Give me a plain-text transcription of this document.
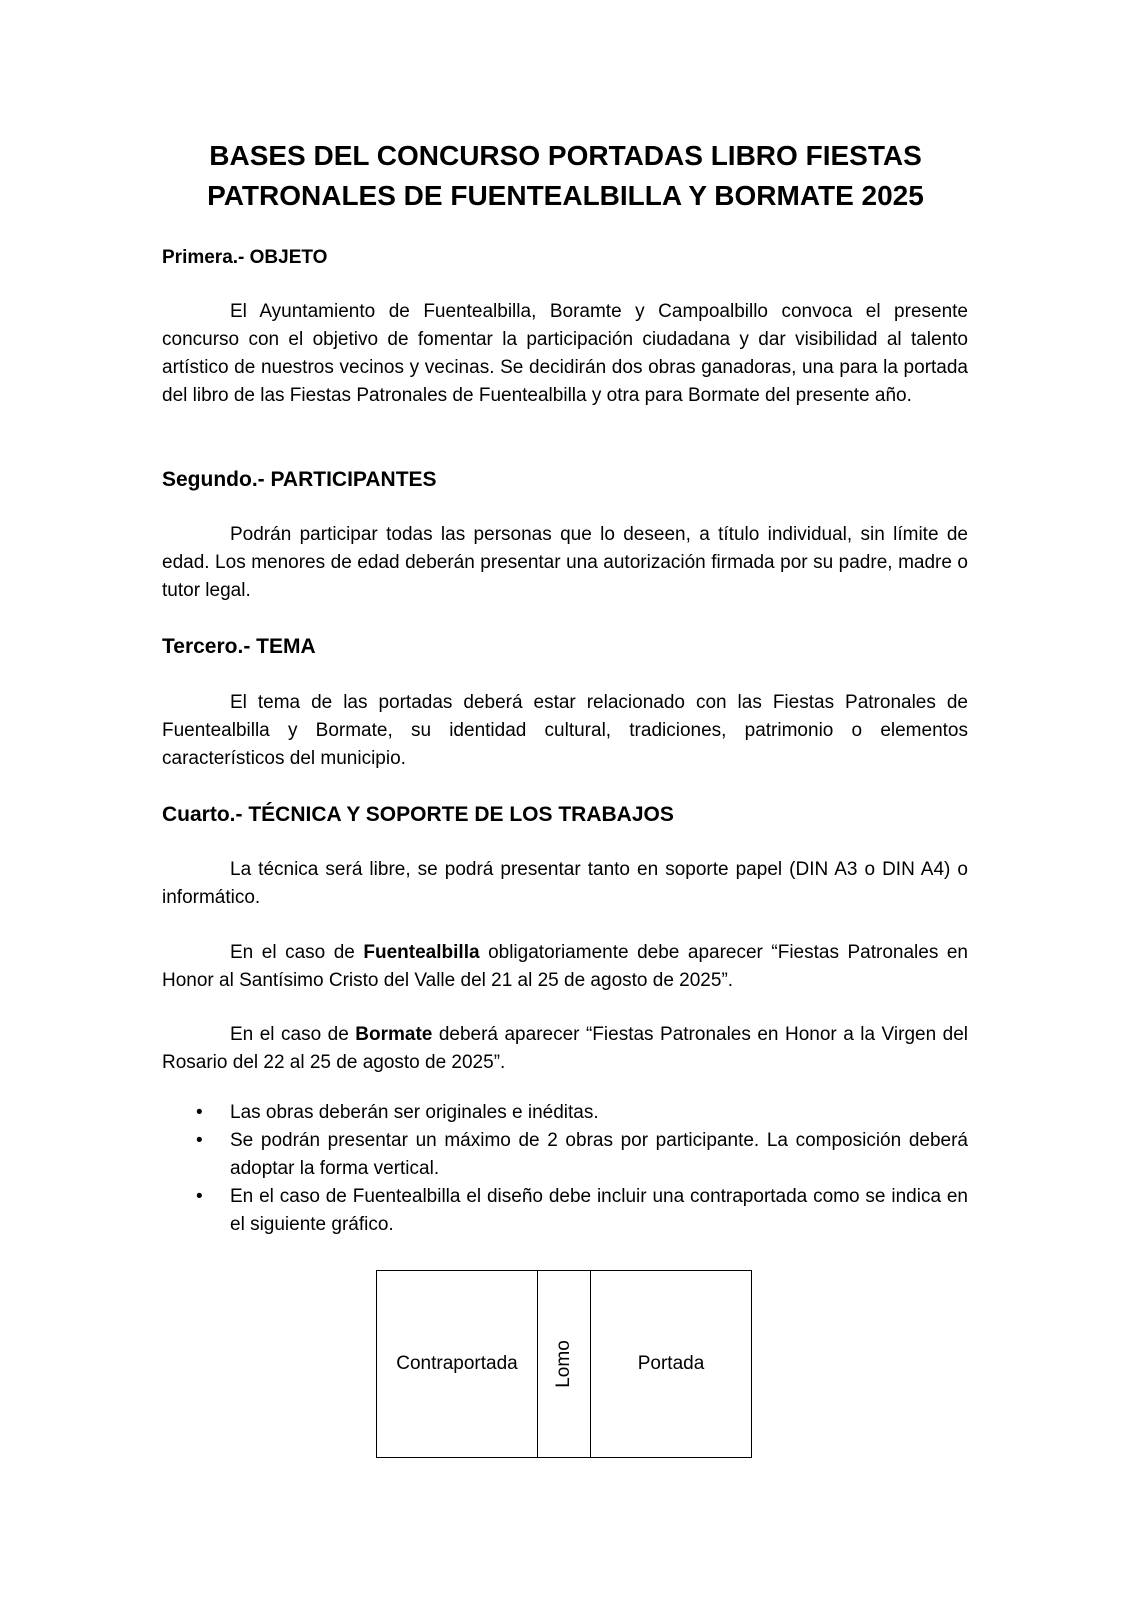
BASES DEL CONCURSO PORTADAS LIBRO FIESTAS
PATRONALES DE FUENTEALBILLA Y BORMATE 2025
Primera.- OBJETO

El Ayuntamiento de Fuentealbilla, Boramte y Campoalbillo convoca el presente concurso con el objetivo de fomentar la participación ciudadana y dar visibilidad al talento artístico de nuestros vecinos y vecinas. Se decidirán dos obras ganadoras, una para la portada del libro de las Fiestas Patronales de Fuentealbilla y otra para Bormate del presente año.

Segundo.- PARTICIPANTES

Podrán participar todas las personas que lo deseen, a título individual, sin límite de edad. Los menores de edad deberán presentar una autorización firmada por su padre, madre o tutor legal.

Tercero.- TEMA

El tema de las portadas deberá estar relacionado con las Fiestas Patronales de Fuentealbilla y Bormate, su identidad cultural, tradiciones, patrimonio o elementos característicos del municipio.

Cuarto.- TÉCNICA Y SOPORTE DE LOS TRABAJOS

La técnica será libre, se podrá presentar tanto en soporte papel (DIN A3 o DIN A4) o informático.

En el caso de Fuentealbilla obligatoriamente debe aparecer “Fiestas Patronales en Honor al Santísimo Cristo del Valle del 21 al 25 de agosto de 2025”.

En el caso de Bormate deberá aparecer “Fiestas Patronales en Honor a la Virgen del Rosario del 22 al 25 de agosto de 2025”.

• Las obras deberán ser originales e inéditas.
• Se podrán presentar un máximo de 2 obras por participante. La composición deberá adoptar la forma vertical.
• En el caso de Fuentealbilla el diseño debe incluir una contraportada como se indica en el siguiente gráfico.
Contraportada Lomo	Portada
